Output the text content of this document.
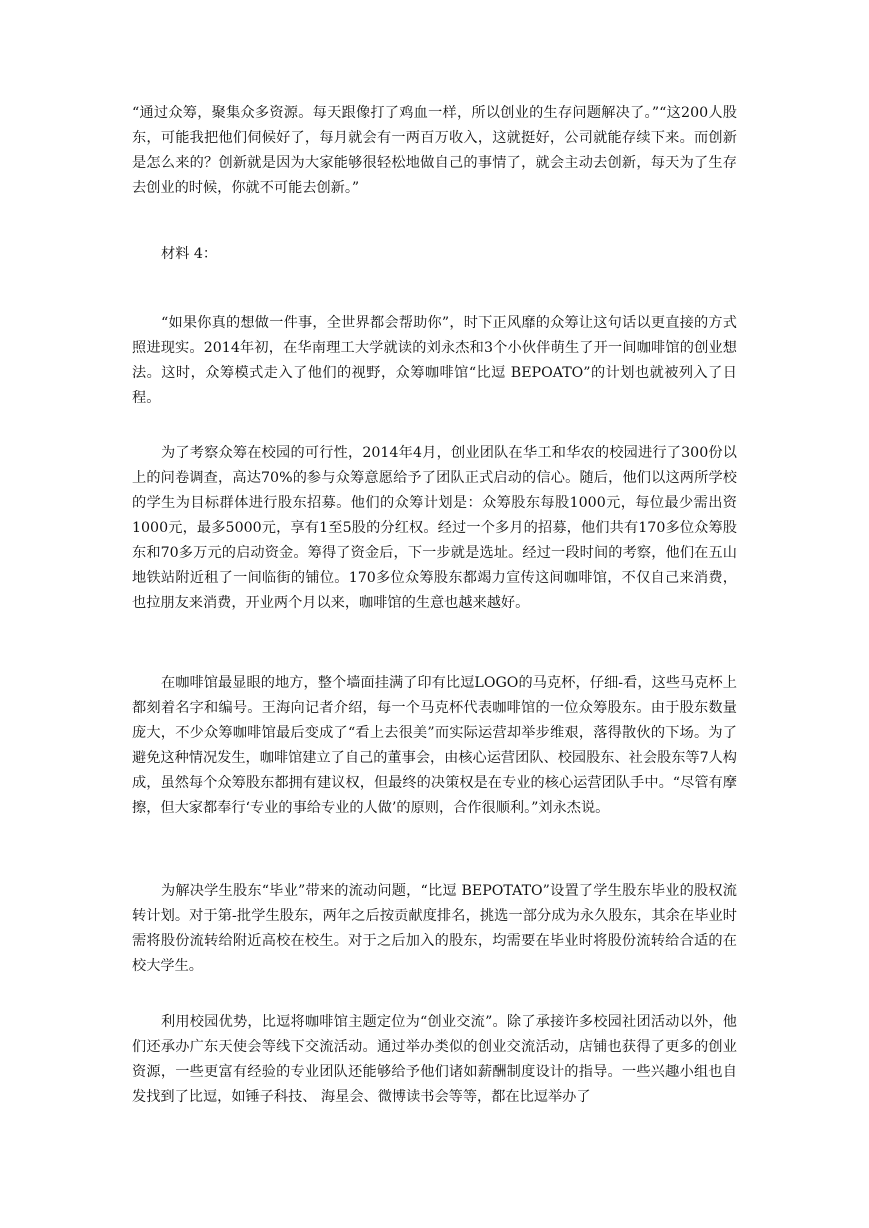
“通过众筹，聚集众多资源。每天跟像打了鸡血一样，所以创业的生存问题解决了。”“这200人股东，可能我把他们伺候好了，每月就会有一两百万收入，这就挺好，公司就能存续下来。而创新是怎么来的？创新就是因为大家能够很轻松地做自己的事情了，就会主动去创新，每天为了生存去创业的时候，你就不可能去创新。”

材料 4：

“如果你真的想做一件事，全世界都会帮助你”，时下正风靡的众筹让这句话以更直接的方式照进现实。2014年初，在华南理工大学就读的刘永杰和3个小伙伴萌生了开一间咖啡馆的创业想法。这时，众筹模式走入了他们的视野，众筹咖啡馆“比逗 BEPOATO”的计划也就被列入了日程。

为了考察众筹在校园的可行性，2014年4月，创业团队在华工和华农的校园进行了300份以上的问卷调查，高达70%的参与众筹意愿给予了团队正式启动的信心。随后，他们以这两所学校的学生为目标群体进行股东招募。他们的众筹计划是：众筹股东每股1000元，每位最少需出资1000元，最多5000元，享有1至5股的分红权。经过一个多月的招募，他们共有170多位众筹股东和70多万元的启动资金。筹得了资金后，下一步就是选址。经过一段时间的考察，他们在五山地铁站附近租了一间临街的铺位。170多位众筹股东都竭力宣传这间咖啡馆，不仅自己来消费，也拉朋友来消费，开业两个月以来，咖啡馆的生意也越来越好。

在咖啡馆最显眼的地方，整个墙面挂满了印有比逗LOGO的马克杯，仔细-看，这些马克杯上都刻着名字和编号。王海向记者介绍，每一个马克杯代表咖啡馆的一位众筹股东。由于股东数量庞大，不少众筹咖啡馆最后变成了“看上去很美”而实际运营却举步维艰，落得散伙的下场。为了避免这种情况发生，咖啡馆建立了自己的董事会，由核心运营团队、校园股东、社会股东等7人构成，虽然每个众筹股东都拥有建议权，但最终的决策权是在专业的核心运营团队手中。“尽管有摩擦，但大家都奉行‘专业的事给专业的人做’的原则，合作很顺利。”刘永杰说。

为解决学生股东“毕业”带来的流动问题，“比逗 BEPOTATO”设置了学生股东毕业的股权流转计划。对于第-批学生股东，两年之后按贡献度排名，挑选一部分成为永久股东，其余在毕业时需将股份流转给附近高校在校生。对于之后加入的股东，均需要在毕业时将股份流转给合适的在校大学生。

利用校园优势，比逗将咖啡馆主题定位为“创业交流”。除了承接许多校园社团活动以外，他们还承办广东天使会等线下交流活动。通过举办类似的创业交流活动，店铺也获得了更多的创业资源，一些更富有经验的专业团队还能够给予他们诸如薪酬制度设计的指导。一些兴趣小组也自发找到了比逗，如锤子科技、 海星会、微博读书会等等，都在比逗举办了
